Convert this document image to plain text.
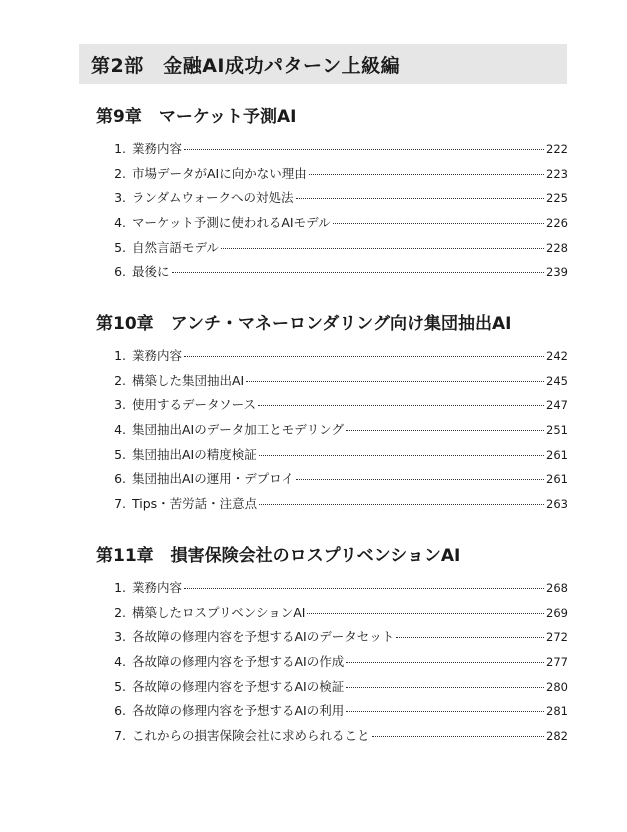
第2部　金融AI成功パターン上級編
第9章　マーケット予測AI
1. 業務内容	222
2. 市場データがAIに向かない理由	223
3. ランダムウォークへの対処法	225
4. マーケット予測に使われるAIモデル	226
5. 自然言語モデル	228
6. 最後に	239
第10章　アンチ・マネーロンダリング向け集団抽出AI
1. 業務内容	242
2. 構築した集団抽出AI	245
3. 使用するデータソース	247
4. 集団抽出AIのデータ加工とモデリング	251
5. 集団抽出AIの精度検証	261
6. 集団抽出AIの運用・デプロイ	261
7. Tips・苦労話・注意点	263
第11章　損害保険会社のロスプリベンションAI
1. 業務内容	268
2. 構築したロスプリベンションAI	269
3. 各故障の修理内容を予想するAIのデータセット	272
4. 各故障の修理内容を予想するAIの作成	277
5. 各故障の修理内容を予想するAIの検証	280
6. 各故障の修理内容を予想するAIの利用	281
7. これからの損害保険会社に求められること	282
